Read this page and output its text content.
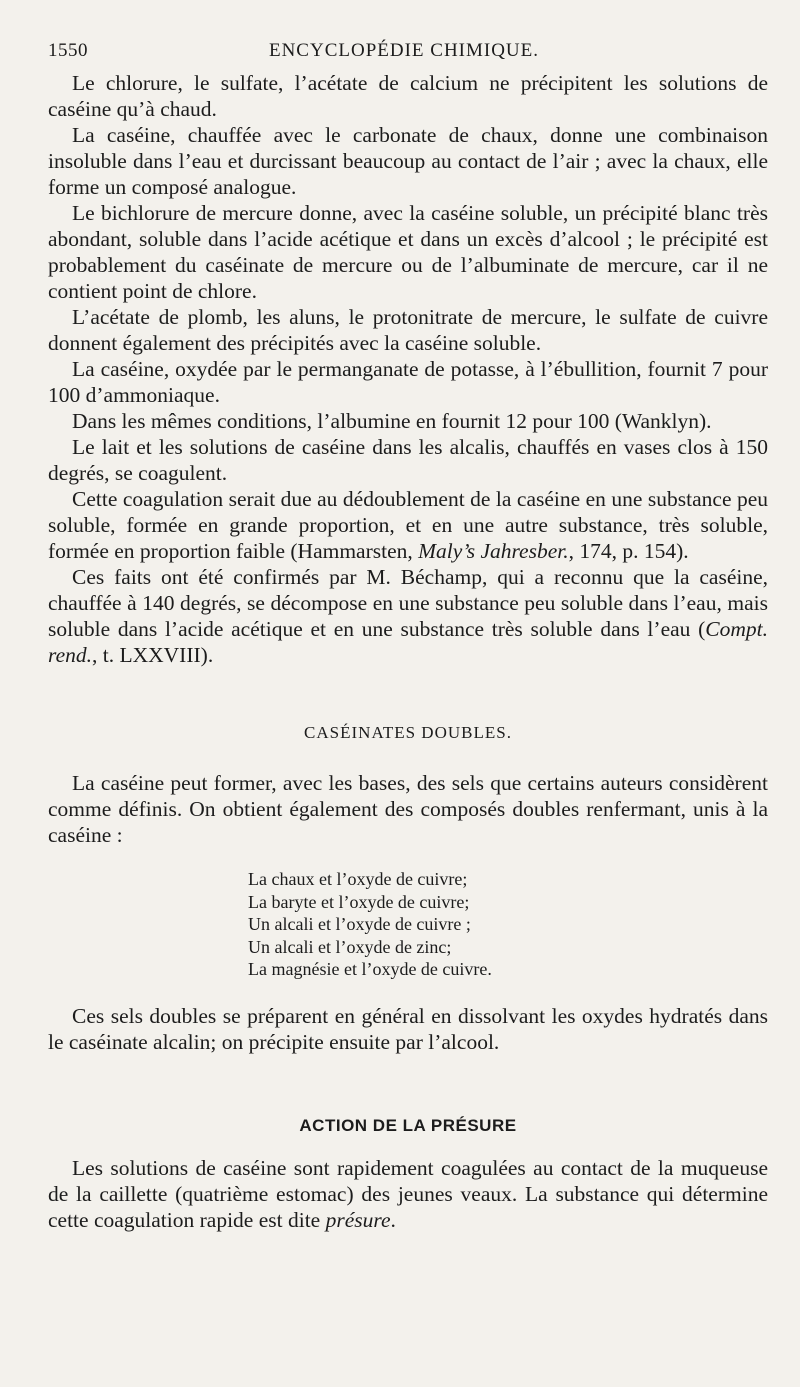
1550	ENCYCLOPÉDIE CHIMIQUE.

Le chlorure, le sulfate, l’acétate de calcium ne précipitent les solutions de caséine qu’à chaud.

La caséine, chauffée avec le carbonate de chaux, donne une combinaison insoluble dans l’eau et durcissant beaucoup au contact de l’air ; avec la chaux, elle forme un composé analogue.

Le bichlorure de mercure donne, avec la caséine soluble, un précipité blanc très abondant, soluble dans l’acide acétique et dans un excès d’alcool ; le précipité est probablement du caséinate de mercure ou de l’albuminate de mercure, car il ne contient point de chlore.

L’acétate de plomb, les aluns, le protonitrate de mercure, le sulfate de cuivre donnent également des précipités avec la caséine soluble.

La caséine, oxydée par le permanganate de potasse, à l’ébullition, fournit 7 pour 100 d’ammoniaque.

Dans les mêmes conditions, l’albumine en fournit 12 pour 100 (Wanklyn).

Le lait et les solutions de caséine dans les alcalis, chauffés en vases clos à 150 degrés, se coagulent.

Cette coagulation serait due au dédoublement de la caséine en une substance peu soluble, formée en grande proportion, et en une autre substance, très soluble, formée en proportion faible (Hammarsten, Maly’s Jahresber., 174, p. 154).

Ces faits ont été confirmés par M. Béchamp, qui a reconnu que la caséine, chauffée à 140 degrés, se décompose en une substance peu soluble dans l’eau, mais soluble dans l’acide acétique et en une substance très soluble dans l’eau (Compt. rend., t. LXXVIII).

CASÉINATES DOUBLES.

La caséine peut former, avec les bases, des sels que certains auteurs considèrent comme définis. On obtient également des composés doubles renfermant, unis à la caséine :

La chaux et l’oxyde de cuivre;
La baryte et l’oxyde de cuivre;
Un alcali et l’oxyde de cuivre ;
Un alcali et l’oxyde de zinc;
La magnésie et l’oxyde de cuivre.

Ces sels doubles se préparent en général en dissolvant les oxydes hydratés dans le caséinate alcalin; on précipite ensuite par l’alcool.

ACTION DE LA PRÉSURE

Les solutions de caséine sont rapidement coagulées au contact de la muqueuse de la caillette (quatrième estomac) des jeunes veaux. La substance qui détermine cette coagulation rapide est dite présure.
